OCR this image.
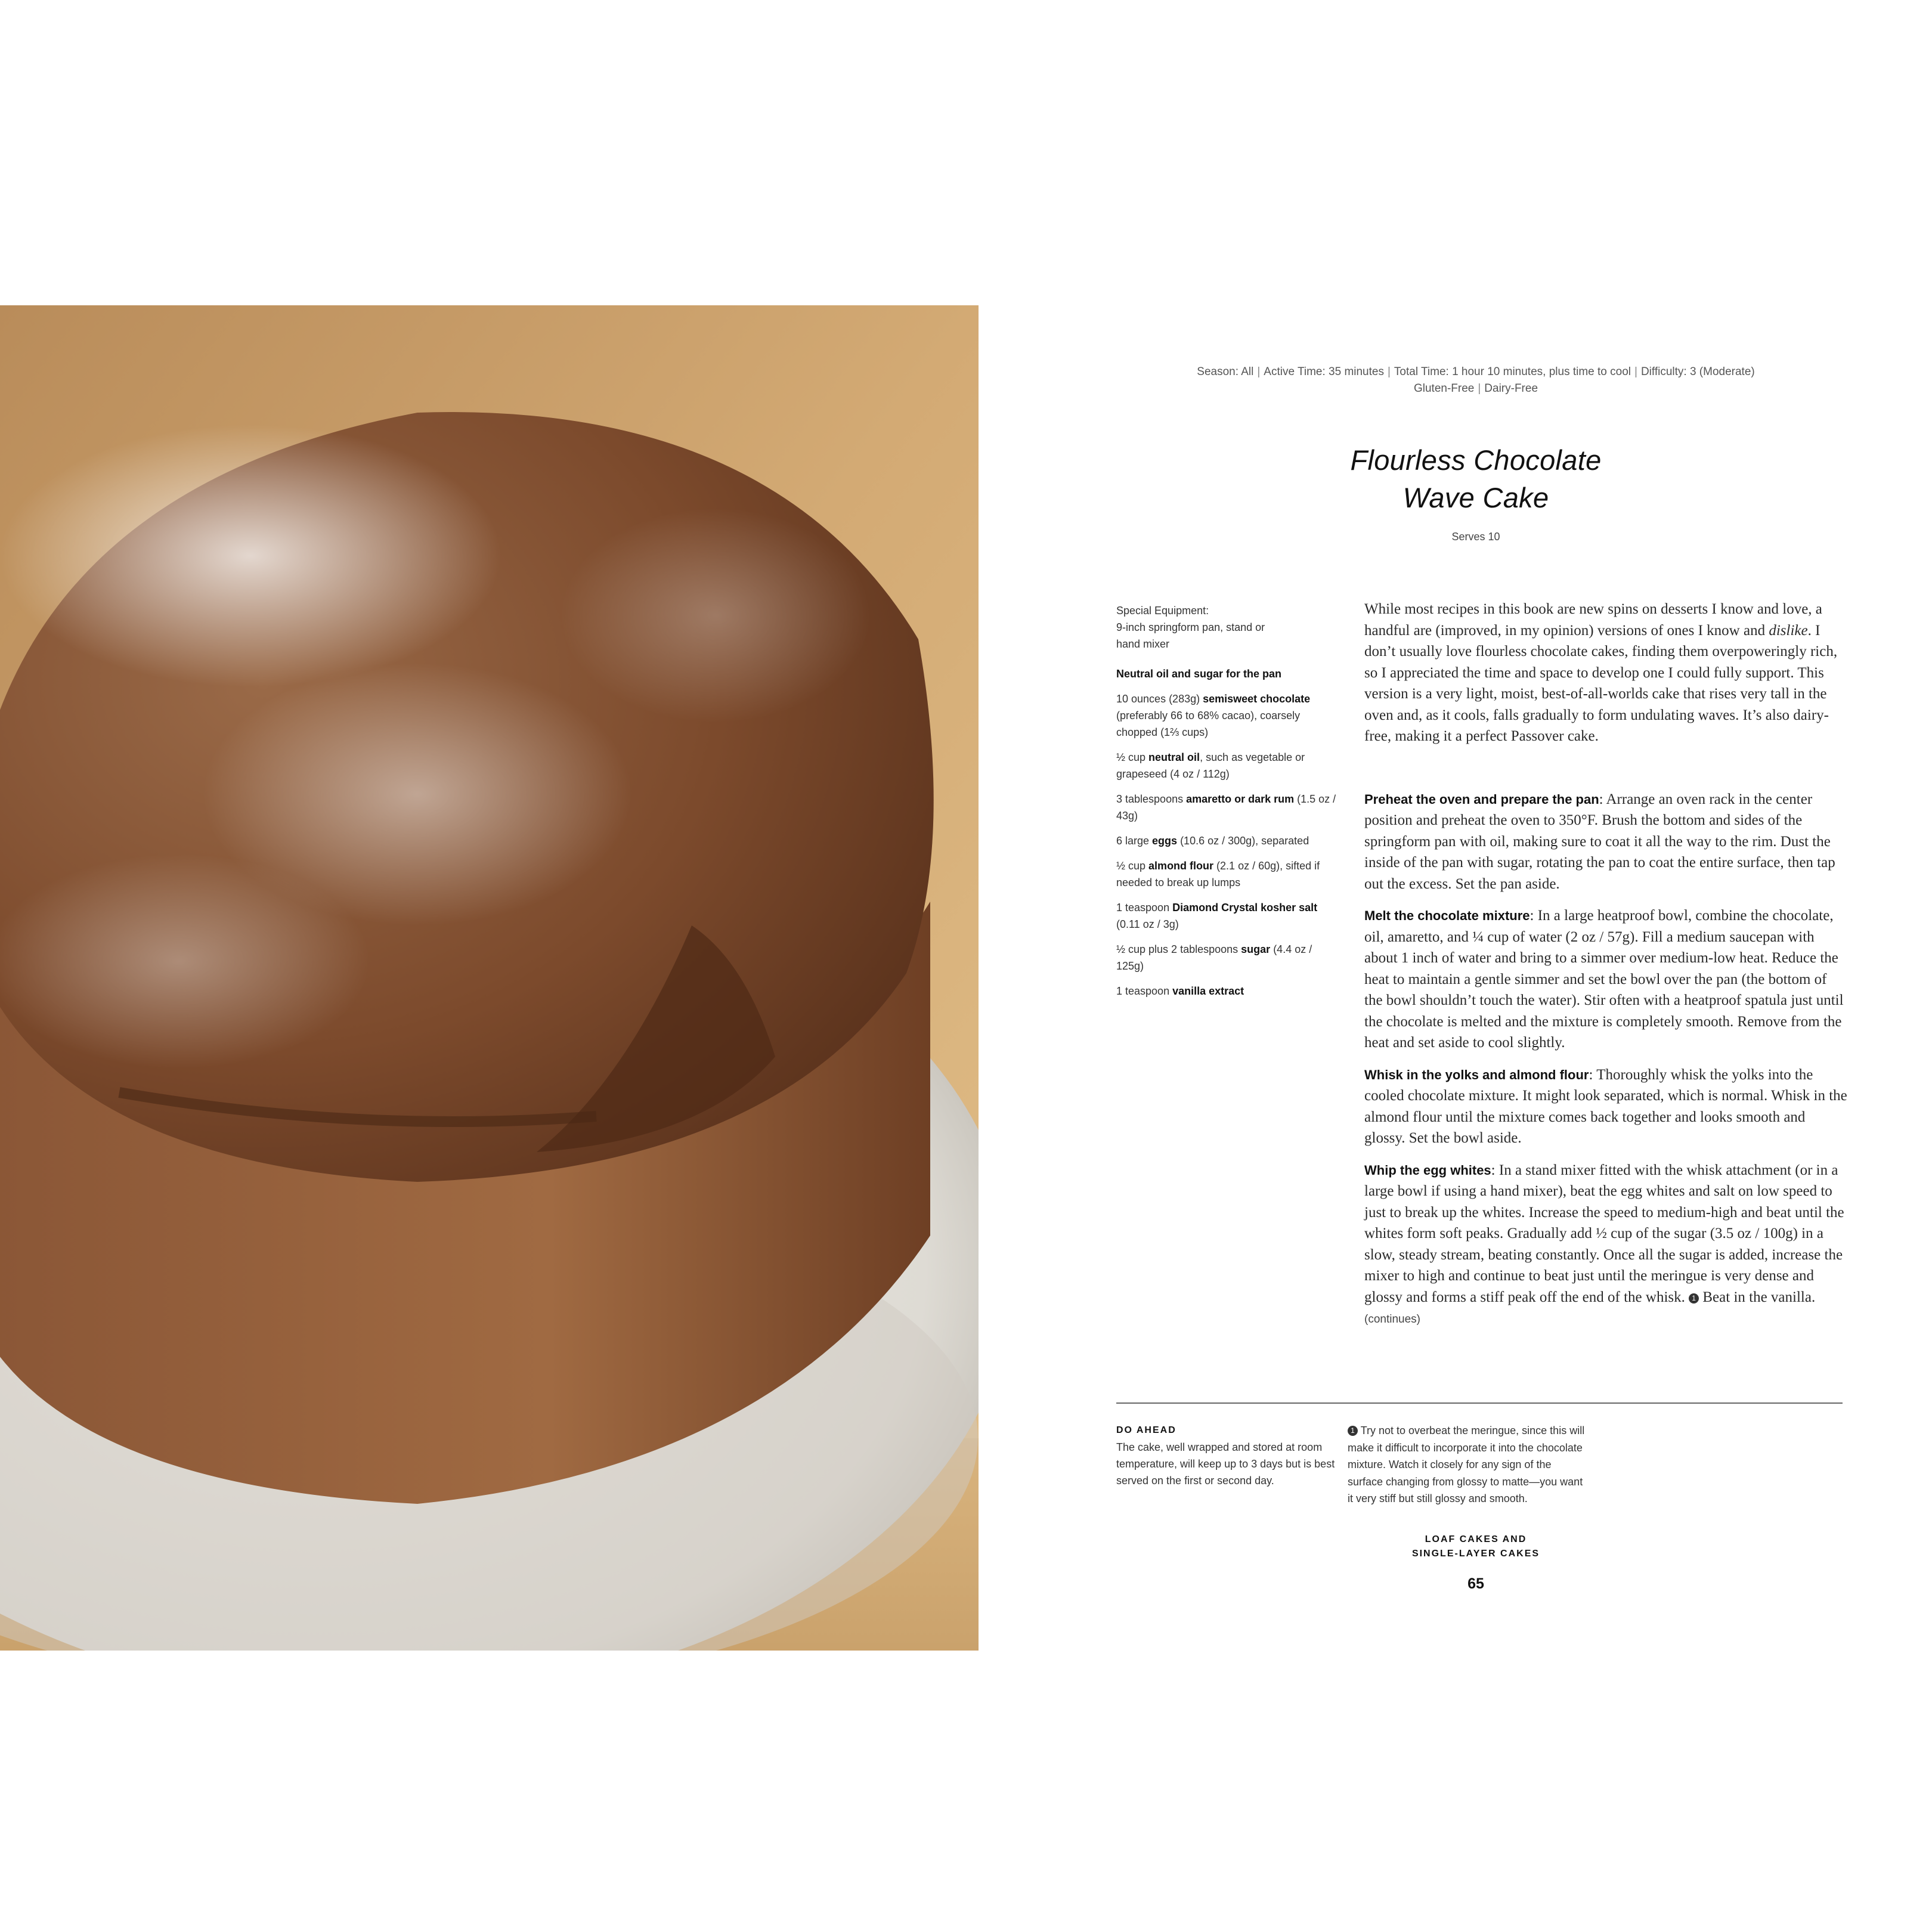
Season: All | Active Time: 35 minutes | Total Time: 1 hour 10 minutes, plus time to cool | Difficulty: 3 (Moderate)
Gluten-Free | Dairy-Free
Flourless Chocolate
Wave Cake
Serves 10

Special Equipment:
9-inch springform pan, stand or
hand mixer

Neutral oil and sugar for the pan

10 ounces (283g) semisweet chocolate (preferably 66 to 68% cacao), coarsely chopped (1⅔ cups)

½ cup neutral oil, such as vegetable or grapeseed (4 oz / 112g)

3 tablespoons amaretto or dark rum (1.5 oz / 43g)

6 large eggs (10.6 oz / 300g), separated

½ cup almond flour (2.1 oz / 60g), sifted if needed to break up lumps

1 teaspoon Diamond Crystal kosher salt (0.11 oz / 3g)

½ cup plus 2 tablespoons sugar (4.4 oz / 125g)

1 teaspoon vanilla extract

While most recipes in this book are new spins on desserts I know and love, a handful are (improved, in my opinion) versions of ones I know and dislike. I don’t usually love flourless chocolate cakes, finding them overpoweringly rich, so I appreciated the time and space to develop one I could fully support. This version is a very light, moist, best-of-all-worlds cake that rises very tall in the oven and, as it cools, falls gradually to form undulating waves. It’s also dairy-free, making it a perfect Passover cake.

Preheat the oven and prepare the pan: Arrange an oven rack in the center position and preheat the oven to 350°F. Brush the bottom and sides of the springform pan with oil, making sure to coat it all the way to the rim. Dust the inside of the pan with sugar, rotating the pan to coat the entire surface, then tap out the excess. Set the pan aside.

Melt the chocolate mixture: In a large heatproof bowl, combine the chocolate, oil, amaretto, and ¼ cup of water (2 oz / 57g). Fill a medium saucepan with about 1 inch of water and bring to a simmer over medium-low heat. Reduce the heat to maintain a gentle simmer and set the bowl over the pan (the bottom of the bowl shouldn’t touch the water). Stir often with a heatproof spatula just until the chocolate is melted and the mixture is completely smooth. Remove from the heat and set aside to cool slightly.

Whisk in the yolks and almond flour: Thoroughly whisk the yolks into the cooled chocolate mixture. It might look separated, which is normal. Whisk in the almond flour until the mixture comes back together and looks smooth and glossy. Set the bowl aside.

Whip the egg whites: In a stand mixer fitted with the whisk attachment (or in a large bowl if using a hand mixer), beat the egg whites and salt on low speed to just to break up the whites. Increase the speed to medium-high and beat until the whites form soft peaks. Gradually add ½ cup of the sugar (3.5 oz / 100g) in a slow, steady stream, beating constantly. Once all the sugar is added, increase the mixer to high and continue to beat just until the meringue is very dense and glossy and forms a stiff peak off the end of the whisk. 1 Beat in the vanilla. (continues)

DO AHEAD
The cake, well wrapped and stored at room temperature, will keep up to 3 days but is best served on the first or second day.
1 Try not to overbeat the meringue, since this will make it difficult to incorporate it into the chocolate mixture. Watch it closely for any sign of the surface changing from glossy to matte—you want it very stiff but still glossy and smooth.
LOAF CAKES AND
SINGLE-LAYER CAKES
65
